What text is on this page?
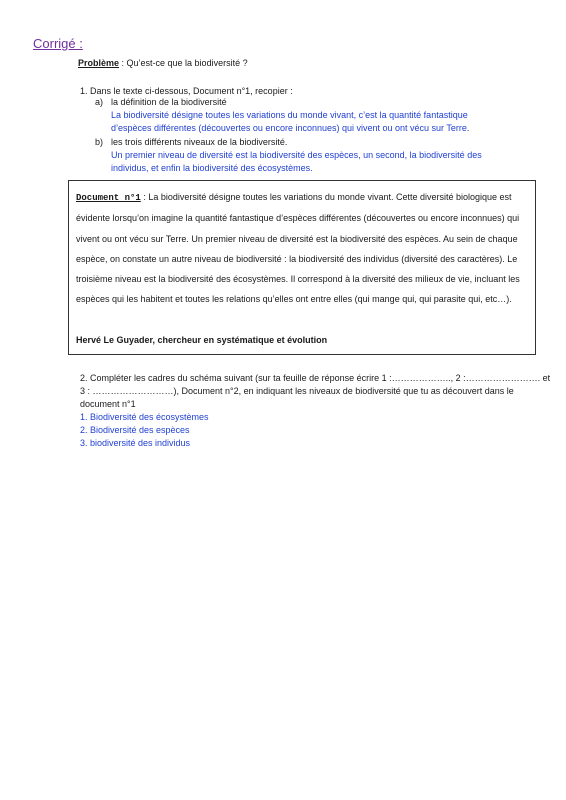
Corrigé :
Problème : Qu’est-ce que la biodiversité ?
1. Dans le texte ci-dessous, Document n°1, recopier :
a) la définition de la biodiversité
La biodiversité désigne toutes les variations du monde vivant, c’est la quantité fantastique
d’espèces différentes (découvertes ou encore inconnues) qui vivent ou ont vécu sur Terre.
b) les trois différents niveaux de la biodiversité.
Un premier niveau de diversité est la biodiversité des espèces, un second, la biodiversité des
individus, et enfin la biodiversité des écosystèmes.
Document n°1 : La biodiversité désigne toutes les variations du monde vivant. Cette diversité biologique est évidente lorsqu’on imagine la quantité fantastique d’espèces différentes (découvertes ou encore inconnues) qui vivent ou ont vécu sur Terre. Un premier niveau de diversité est la biodiversité des espèces. Au sein de chaque espèce, on constate un autre niveau de biodiversité : la biodiversité des individus (diversité des caractères). Le troisième niveau est la biodiversité des écosystèmes. Il correspond à la diversité des milieux de vie, incluant les espèces qui les habitent et toutes les relations qu’elles ont entre elles (qui mange qui, qui parasite qui, etc…).
Hervé Le Guyader, chercheur en systématique et évolution
2. Compléter les cadres du schéma suivant (sur ta feuille de réponse écrire 1 :……………….., 2 :……………………. et
3 : ………………………), Document n°2, en indiquant les niveaux de biodiversité que tu as découvert dans le
document n°1
1. Biodiversité des écosystèmes
2. Biodiversité des espèces
3. biodiversité des individus
